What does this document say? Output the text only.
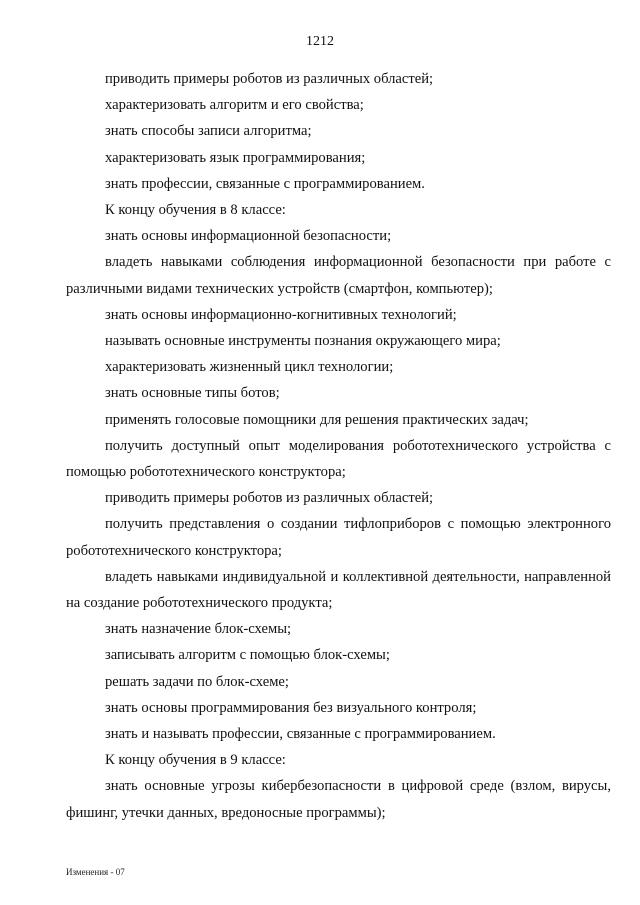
1212

приводить примеры роботов из различных областей;

характеризовать алгоритм и его свойства;

знать способы записи алгоритма;

характеризовать язык программирования;

знать профессии, связанные с программированием.

К концу обучения в 8 классе:

знать основы информационной безопасности;

владеть навыками соблюдения информационной безопасности при работе с различными видами технических устройств (смартфон, компьютер);

знать основы информационно-когнитивных технологий;

называть основные инструменты познания окружающего мира;

характеризовать жизненный цикл технологии;

знать основные типы ботов;

применять голосовые помощники для решения практических задач;

получить доступный опыт моделирования робототехнического устройства с помощью робототехнического конструктора;

приводить примеры роботов из различных областей;

получить представления о создании тифлоприборов с помощью электронного робототехнического конструктора;

владеть навыками индивидуальной и коллективной деятельности, направленной на создание робототехнического продукта;

знать назначение блок-схемы;

записывать алгоритм с помощью блок-схемы;

решать задачи по блок-схеме;

знать основы программирования без визуального контроля;

знать и называть профессии, связанные с программированием.

К концу обучения в 9 классе:

знать основные угрозы кибербезопасности в цифровой среде (взлом, вирусы, фишинг, утечки данных, вредоносные программы);

Изменения - 07
